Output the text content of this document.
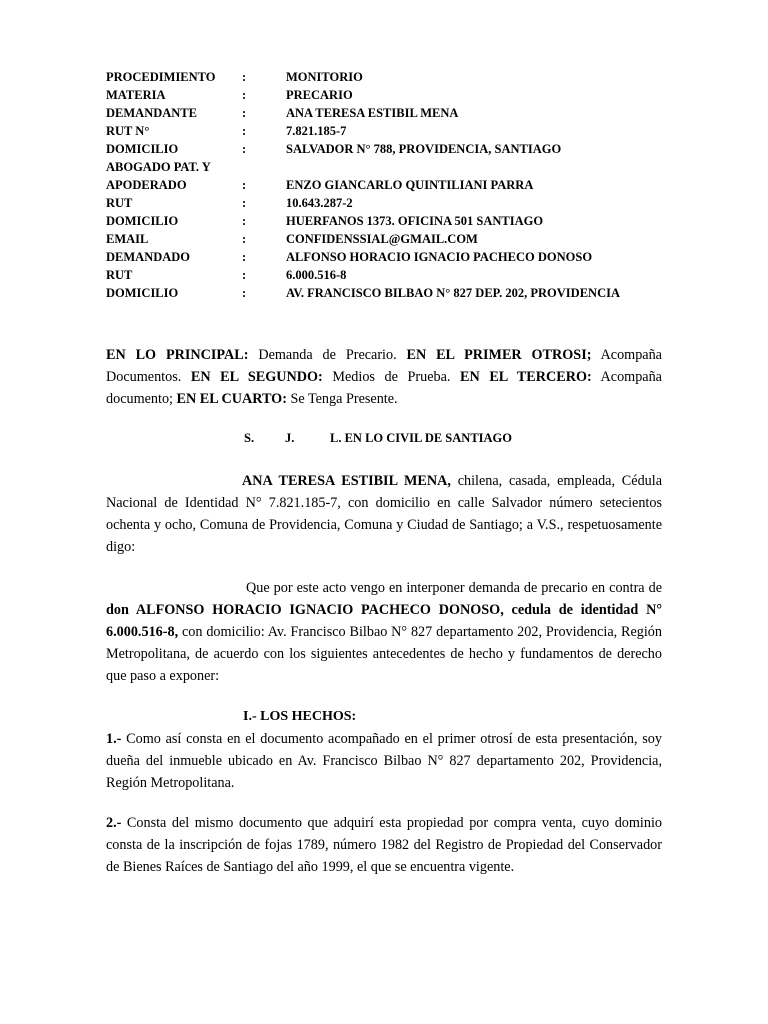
PROCEDIMIENTO :	MONITORIO
MATERIA	:	PRECARIO
DEMANDANTE	:	ANA TERESA ESTIBIL MENA
RUT N°	:	7.821.185-7
DOMICILIO	:	SALVADOR N° 788, PROVIDENCIA, SANTIAGO
ABOGADO PAT. Y
APODERADO	:	ENZO GIANCARLO QUINTILIANI PARRA
RUT	:	10.643.287-2
DOMICILIO	:	HUERFANOS 1373. OFICINA 501 SANTIAGO
EMAIL	:	CONFIDENSSIAL@GMAIL.COM
DEMANDADO	:	ALFONSO HORACIO IGNACIO PACHECO DONOSO
RUT	:	6.000.516-8
DOMICILIO	:	AV. FRANCISCO BILBAO N° 827 DEP. 202, PROVIDENCIA
EN LO PRINCIPAL: Demanda de Precario. EN EL PRIMER OTROSI; Acompaña Documentos. EN EL SEGUNDO: Medios de Prueba. EN EL TERCERO: Acompaña documento; EN EL CUARTO: Se Tenga Presente.
S. J.	L. EN LO CIVIL DE SANTIAGO
ANA TERESA ESTIBIL MENA, chilena, casada, empleada, Cédula Nacional de Identidad N° 7.821.185-7, con domicilio en calle Salvador número setecientos ochenta y ocho, Comuna de Providencia, Comuna y Ciudad de Santiago; a V.S., respetuosamente digo:
Que por este acto vengo en interponer demanda de precario en contra de don ALFONSO HORACIO IGNACIO PACHECO DONOSO, cedula de identidad N° 6.000.516-8, con domicilio: Av. Francisco Bilbao N° 827 departamento 202, Providencia, Región Metropolitana, de acuerdo con los siguientes antecedentes de hecho y fundamentos de derecho que paso a exponer:
I.- LOS HECHOS:
1.- Como así consta en el documento acompañado en el primer otrosí de esta presentación, soy dueña del inmueble ubicado en Av. Francisco Bilbao N° 827 departamento 202, Providencia, Región Metropolitana.
2.- Consta del mismo documento que adquirí esta propiedad por compra venta, cuyo dominio consta de la inscripción de fojas 1789, número 1982 del Registro de Propiedad del Conservador de Bienes Raíces de Santiago del año 1999, el que se encuentra vigente.
